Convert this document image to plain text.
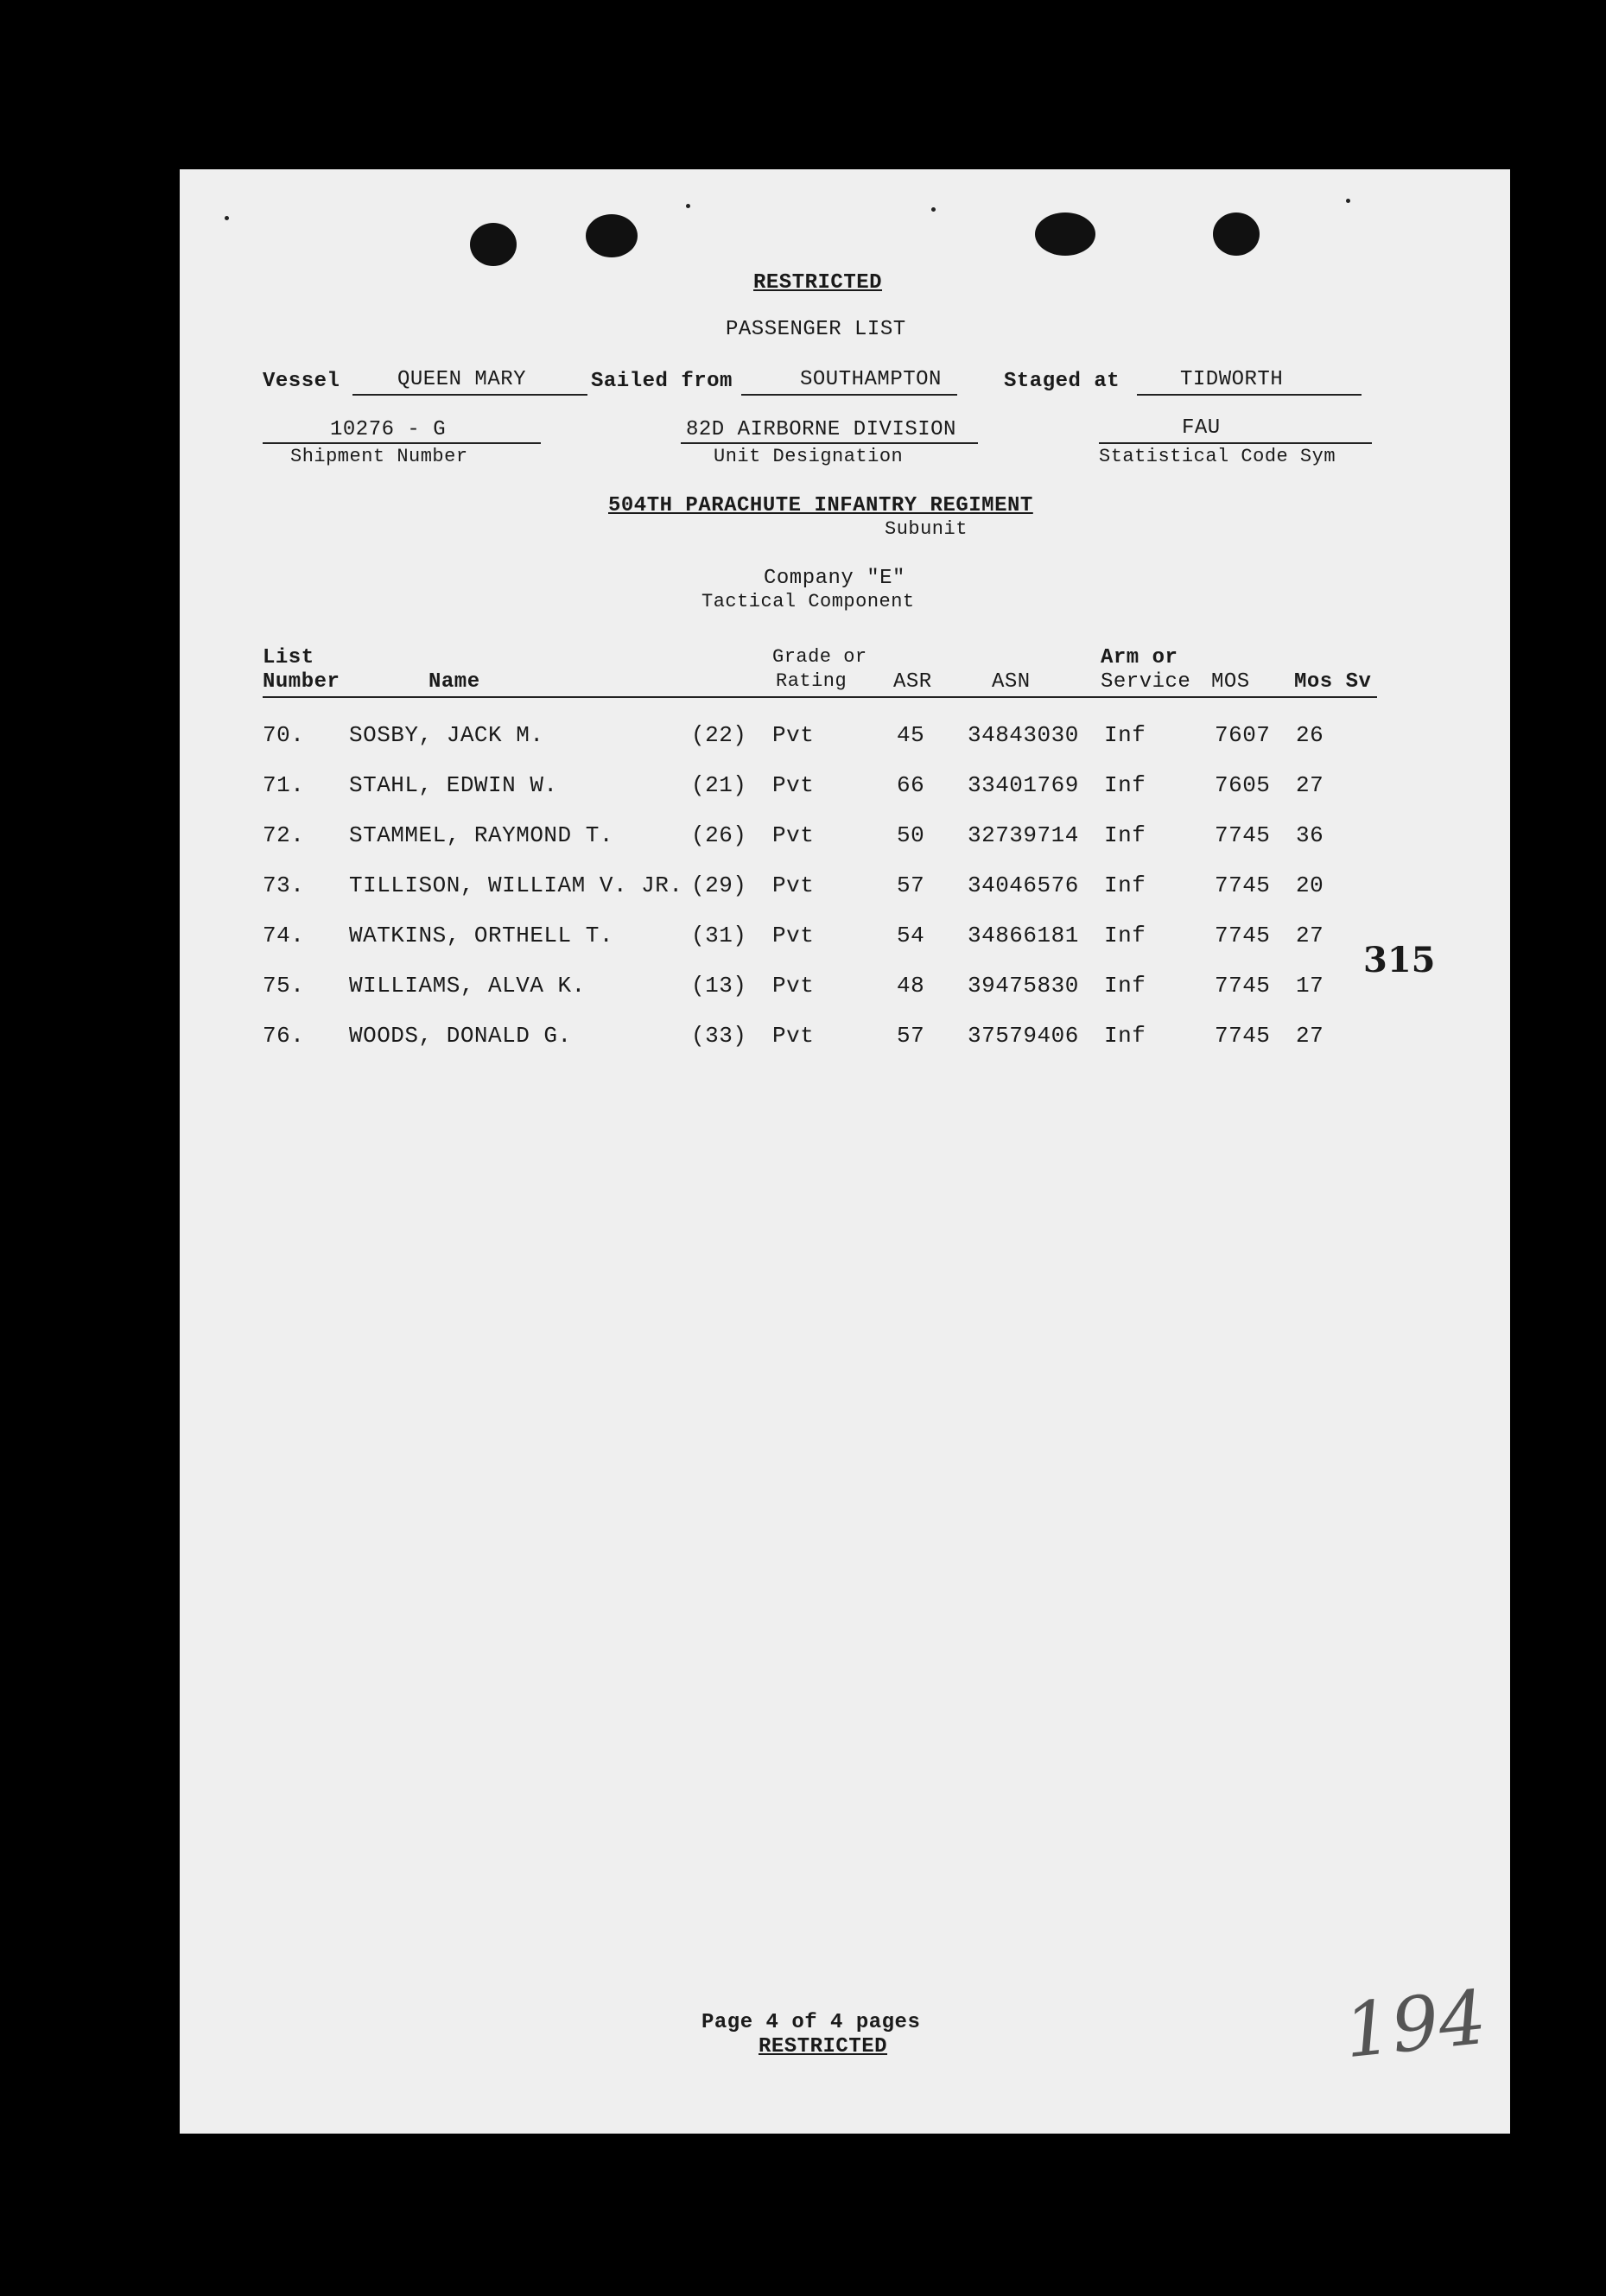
RESTRICTED
PASSENGER LIST
Vessel	QUEEN MARY	Sailed from	SOUTHAMPTON	Staged at	TIDWORTH
10276 - G
Shipment Number
82D AIRBORNE DIVISION
Unit Designation
FAU
Statistical Code Sym
504TH PARACHUTE INFANTRY REGIMENT
Subunit
Company "E"
Tactical Component
List
Number	Name
Grade or
Rating ASR	ASN
Arm or
Service MOS Mos Sv
70. SOSBY, JACK M.	(22) Pvt	45 34843030 Inf	7607 26
71. STAHL, EDWIN W.	(21) Pvt	66 33401769 Inf	7605 27
72. STAMMEL, RAYMOND T.	(26) Pvt	50 32739714 Inf	7745 36
73. TILLISON, WILLIAM V. JR. (29) Pvt	57 34046576 Inf	7745 20
74. WATKINS, ORTHELL T.	(31) Pvt	54 34866181 Inf	7745 27
75. WILLIAMS, ALVA K.	(13) Pvt	48 39475830 Inf	7745 17
76. WOODS, DONALD G.	(33) Pvt	57 37579406 Inf	7745 27
315
Page 4 of 4 pages
RESTRICTED	194
